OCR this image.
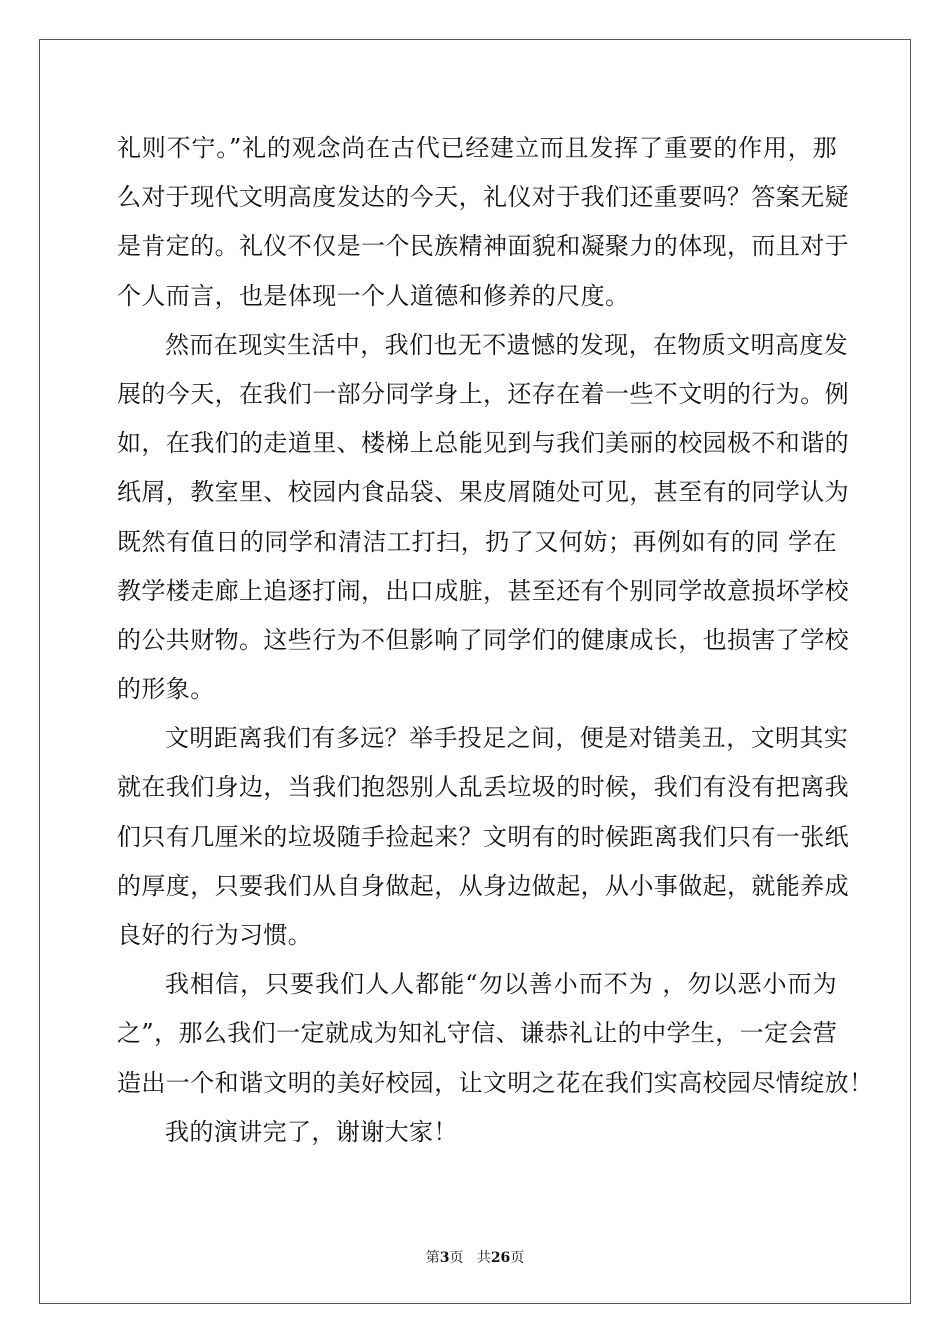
礼则不宁。”礼的观念尚在古代已经建立而且发挥了重要的作用，那
么对于现代文明高度发达的今天，礼仪对于我们还重要吗？答案无疑
是肯定的。礼仪不仅是一个民族精神面貌和凝聚力的体现，而且对于
个人而言，也是体现一个人道德和修养的尺度。
然而在现实生活中，我们也无不遗憾的发现，在物质文明高度发
展的今天，在我们一部分同学身上，还存在着一些不文明的行为。例
如，在我们的走道里、楼梯上总能见到与我们美丽的校园极不和谐的
纸屑，教室里、校园内食品袋、果皮屑随处可见，甚至有的同学认为
既然有值日的同学和清洁工打扫，扔了又何妨；再例如有的同 学在
教学楼走廊上追逐打闹，出口成脏，甚至还有个别同学故意损坏学校
的公共财物。这些行为不但影响了同学们的健康成长，也损害了学校
的形象。
文明距离我们有多远？举手投足之间，便是对错美丑，文明其实
就在我们身边，当我们抱怨别人乱丢垃圾的时候，我们有没有把离我
们只有几厘米的垃圾随手捡起来？文明有的时候距离我们只有一张纸
的厚度，只要我们从自身做起，从身边做起，从小事做起，就能养成
良好的行为习惯。
我相信，只要我们人人都能“勿以善小而不为 ，勿以恶小而为
之”，那么我们一定就成为知礼守信、谦恭礼让的中学生，一定会营
造出一个和谐文明的美好校园，让文明之花在我们实高校园尽情绽放！
我的演讲完了，谢谢大家！
第3页 共26页
